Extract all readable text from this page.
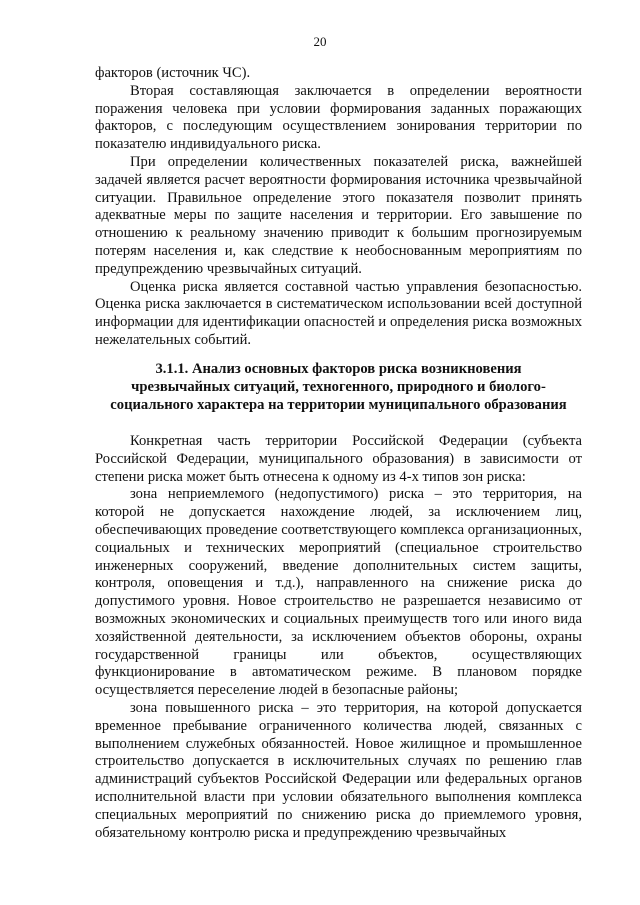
20

факторов (источник ЧС).

Вторая составляющая заключается в определении вероятности поражения человека при условии формирования заданных поражающих факторов, с последующим осуществлением зонирования территории по показателю индивидуального риска.

При определении количественных показателей риска, важнейшей задачей является расчет вероятности формирования источника чрезвычайной ситуации. Правильное определение этого показателя позволит принять адекватные меры по защите населения и территории. Его завышение по отношению к реальному значению приводит к большим прогнозируемым потерям населения и, как следствие к необоснованным мероприятиям по предупреждению чрезвычайных ситуаций.

Оценка риска является составной частью управления безопасностью. Оценка риска заключается в систематическом использовании всей доступной информации для идентификации опасностей и определения риска возможных нежелательных событий.

3.1.1. Анализ основных факторов риска возникновения
чрезвычайных ситуаций, техногенного, природного и биолого-
социального характера на территории муниципального образования

Конкретная часть территории Российской Федерации (субъекта Российской Федерации, муниципального образования) в зависимости от степени риска может быть отнесена к одному из 4-х типов зон риска:

зона неприемлемого (недопустимого) риска – это территория, на которой не допускается нахождение людей, за исключением лиц, обеспечивающих проведение соответствующего комплекса организационных, социальных и технических мероприятий (специальное строительство инженерных сооружений, введение дополнительных систем защиты, контроля, оповещения и т.д.), направленного на снижение риска до допустимого уровня. Новое строительство не разрешается независимо от возможных экономических и социальных преимуществ того или иного вида хозяйственной деятельности, за исключением объектов обороны, охраны государственной границы или объектов, осуществляющих функционирование в автоматическом режиме. В плановом порядке осуществляется переселение людей в безопасные районы;

зона повышенного риска – это территория, на которой допускается временное пребывание ограниченного количества людей, связанных с выполнением служебных обязанностей. Новое жилищное и промышленное строительство допускается в исключительных случаях по решению глав администраций субъектов Российской Федерации или федеральных органов исполнительной власти при условии обязательного выполнения комплекса специальных мероприятий по снижению риска до приемлемого уровня, обязательному контролю риска и предупреждению чрезвычайных
